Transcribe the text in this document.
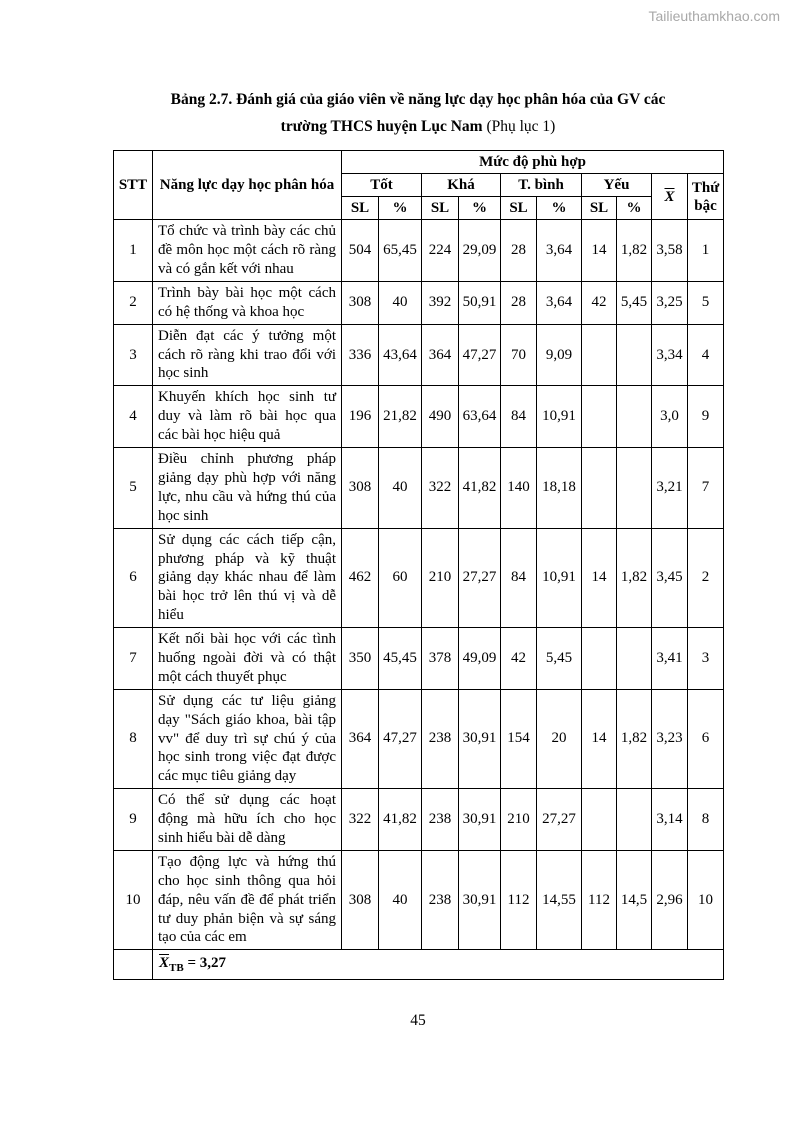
Tailieuthamkhao.com
Bảng 2.7. Đánh giá của giáo viên về năng lực dạy học phân hóa của GV các
trường THCS huyện Lục Nam (Phụ lục 1)
STT	Năng lực dạy học phân hóa	Mức độ phù hợp									
		Tốt		Khá		T. bình		Yếu		$\overline{X}$	Thứ bậc
		SL	%	SL	%	SL	%	SL	%		
1	Tổ chức và trình bày các chủ đề môn học một cách rõ ràng và có gắn kết với nhau	504	65,45	224	29,09	28	3,64	14	1,82	3,58	1
2	Trình bày bài học một cách có hệ thống và khoa học	308	40	392	50,91	28	3,64	42	5,45	3,25	5
3	Diễn đạt các ý tưởng một cách rõ ràng khi trao đổi với học sinh	336	43,64	364	47,27	70	9,09			3,34	4
4	Khuyến khích học sinh tư duy và làm rõ bài học qua các bài học hiệu quả	196	21,82	490	63,64	84	10,91			3,0	9
5	Điều chỉnh phương pháp giảng dạy phù hợp với năng lực, nhu cầu và hứng thú của học sinh	308	40	322	41,82	140	18,18			3,21	7
6	Sử dụng các cách tiếp cận, phương pháp và kỹ thuật giảng dạy khác nhau để làm bài học trở lên thú vị và dễ hiểu	462	60	210	27,27	84	10,91	14	1,82	3,45	2
7	Kết nối bài học với các tình huống ngoài đời và có thật một cách thuyết phục	350	45,45	378	49,09	42	5,45			3,41	3
8	Sử dụng các tư liệu giảng dạy "Sách giáo khoa, bài tập vv" để duy trì sự chú ý của học sinh trong việc đạt được các mục tiêu giảng dạy	364	47,27	238	30,91	154	20	14	1,82	3,23	6
9	Có thể sử dụng các hoạt động mà hữu ích cho học sinh hiểu bài dễ dàng	322	41,82	238	30,91	210	27,27			3,14	8
10	Tạo động lực và hứng thú cho học sinh thông qua hỏi đáp, nêu vấn đề để phát triển tư duy phản biện và sự sáng tạo của các em	308	40	238	30,91	112	14,55	112	14,5	2,96	10
	$\overline{X}_{TB} = 3,27$										
45
